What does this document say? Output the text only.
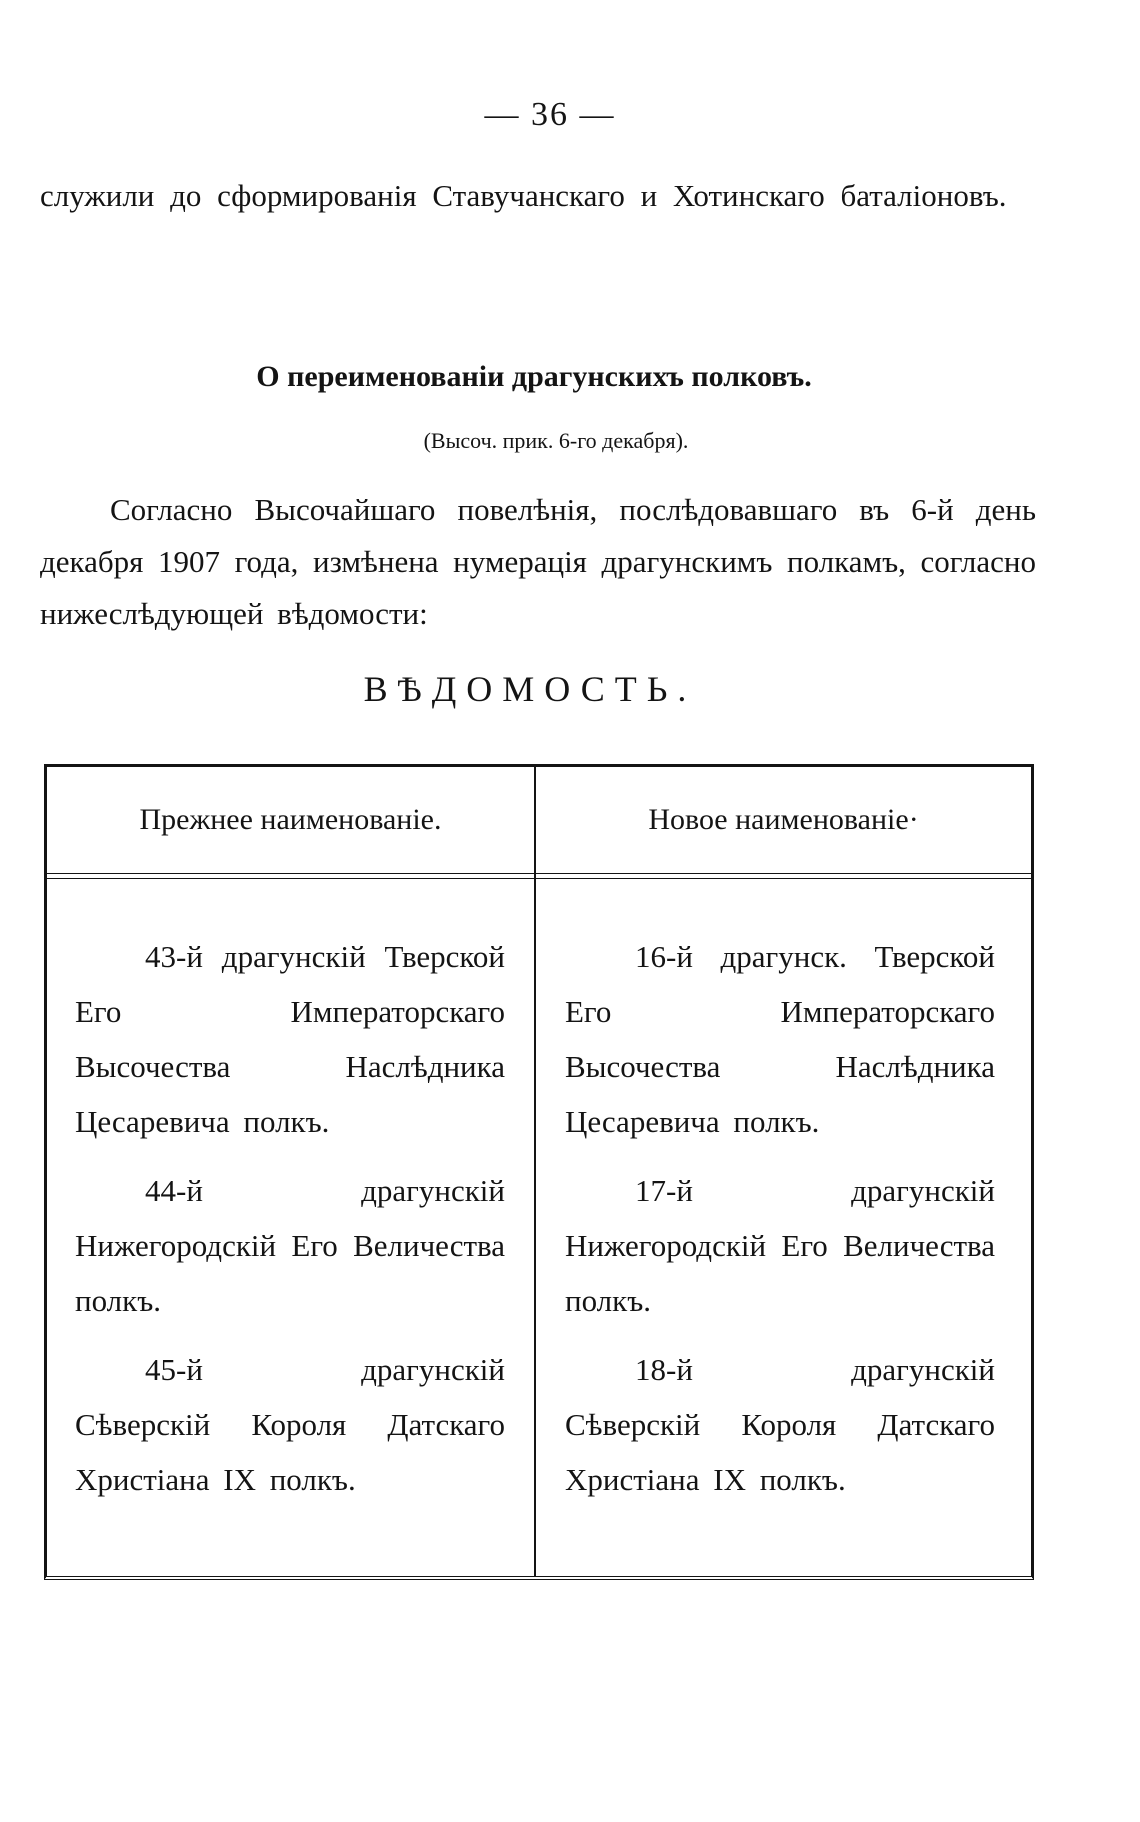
— 36 —
служили до сформированія Ставучанскаго и Хотинскаго баталіоновъ.
О переименованіи драгунскихъ полковъ.
(Высоч. прик. 6-го декабря).
Согласно Высочайшаго повелѣнія, послѣдовавшаго въ 6-й день декабря 1907 года, измѣнена нумерація драгунскимъ полкамъ, согласно нижеслѣдующей вѣдомости:
ВѢДОМОСТЬ.
Прежнее наименованіе.	Новое наименованіе·

43-й драгунскій Тверской Его Императорскаго Высочества Наслѣдника Цесаревича полкъ.

44-й драгунскій Нижегородскій Его Величества полкъ.

45-й драгунскій Сѣверскій Короля Датскаго Христіана IX полкъ.

16-й драгунск. Тверской Его Императорскаго Высочества Наслѣдника Цесаревича полкъ.

17-й драгунскій Нижегородскій Его Величества полкъ.

18-й драгунскій Сѣверскій Короля Датскаго Христіана IX полкъ.
